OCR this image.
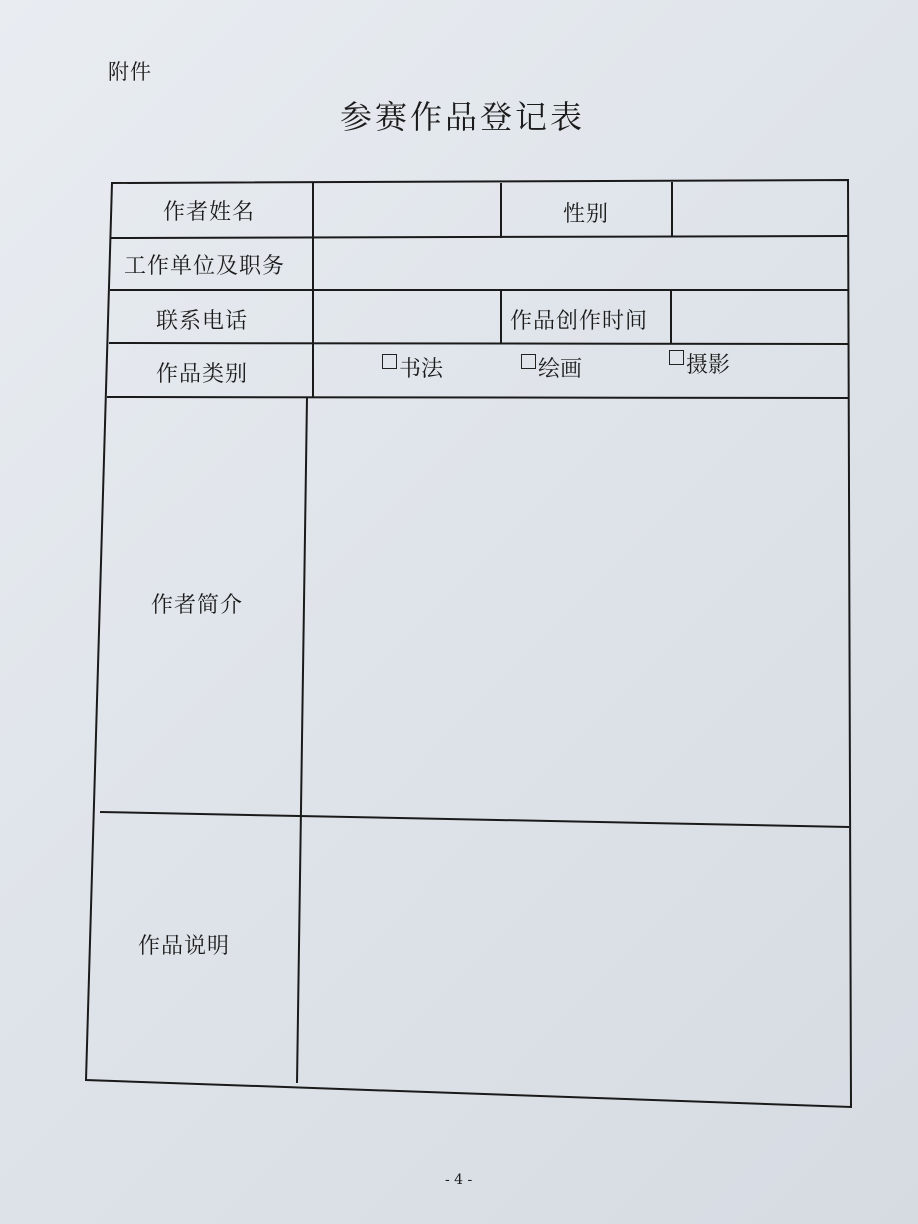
附件
参赛作品登记表
作者姓名	性别
工作单位及职务
联系电话	作品创作时间
作品类别	书法	绘画	摄影
作者简介
作品说明
- 4 -
